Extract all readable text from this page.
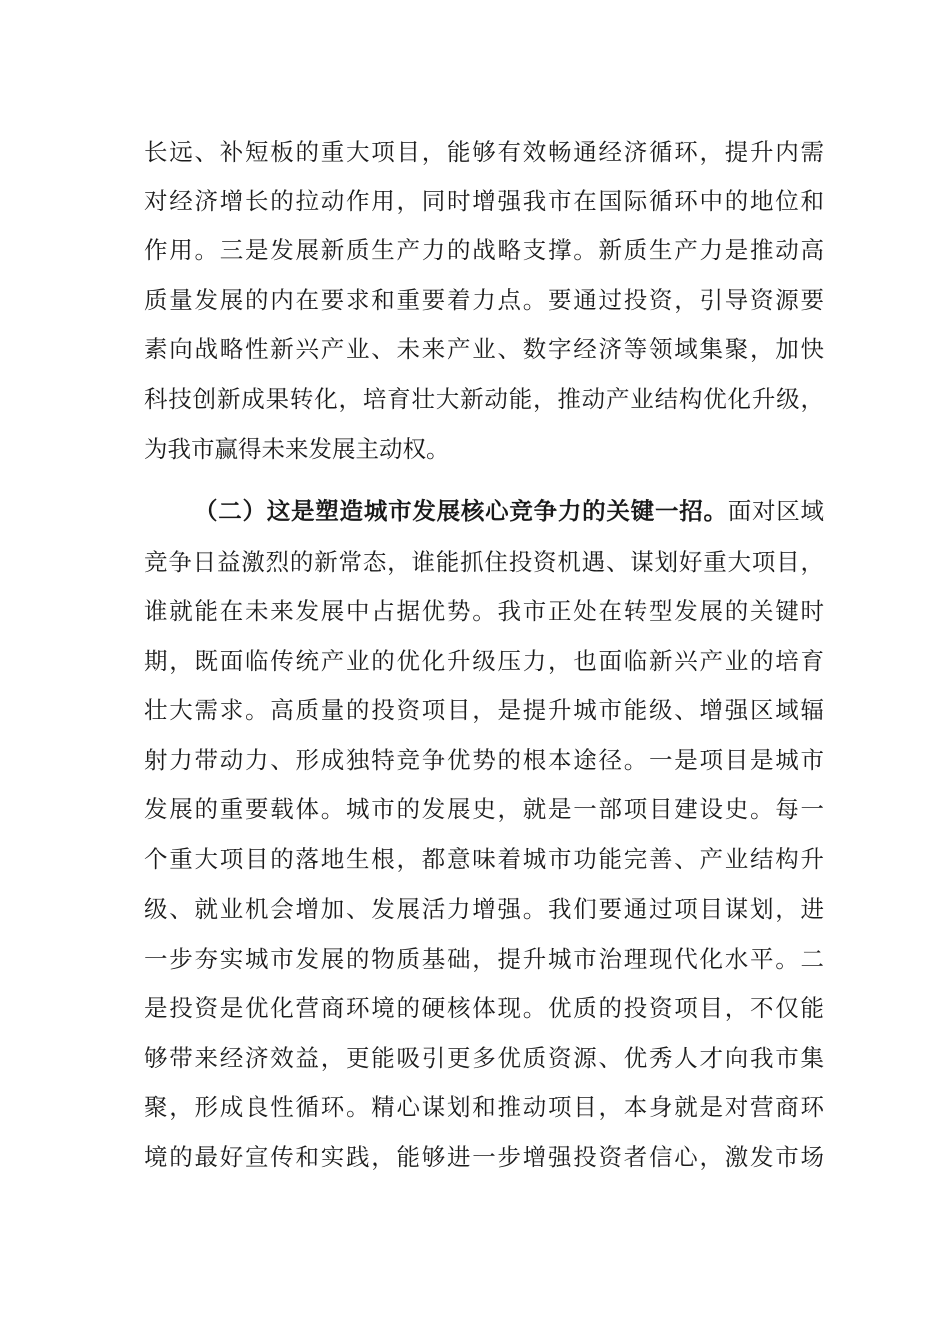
长远、补短板的重大项目，能够有效畅通经济循环，提升内需
对经济增长的拉动作用，同时增强我市在国际循环中的地位和
作用。三是发展新质生产力的战略支撑。新质生产力是推动高
质量发展的内在要求和重要着力点。要通过投资，引导资源要
素向战略性新兴产业、未来产业、数字经济等领域集聚，加快
科技创新成果转化，培育壮大新动能，推动产业结构优化升级，
为我市赢得未来发展主动权。
（二）这是塑造城市发展核心竞争力的关键一招。面对区域
竞争日益激烈的新常态，谁能抓住投资机遇、谋划好重大项目，
谁就能在未来发展中占据优势。我市正处在转型发展的关键时
期，既面临传统产业的优化升级压力，也面临新兴产业的培育
壮大需求。高质量的投资项目，是提升城市能级、增强区域辐
射力带动力、形成独特竞争优势的根本途径。一是项目是城市
发展的重要载体。城市的发展史，就是一部项目建设史。每一
个重大项目的落地生根，都意味着城市功能完善、产业结构升
级、就业机会增加、发展活力增强。我们要通过项目谋划，进
一步夯实城市发展的物质基础，提升城市治理现代化水平。二
是投资是优化营商环境的硬核体现。优质的投资项目，不仅能
够带来经济效益，更能吸引更多优质资源、优秀人才向我市集
聚，形成良性循环。精心谋划和推动项目，本身就是对营商环
境的最好宣传和实践，能够进一步增强投资者信心，激发市场
